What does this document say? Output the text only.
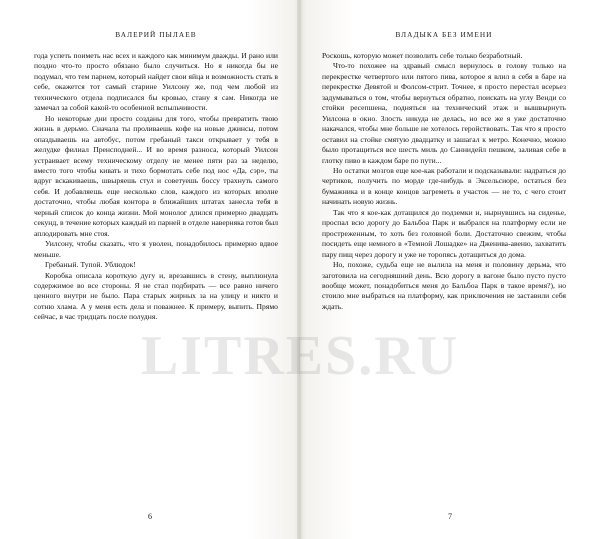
ВАЛЕРИЙ ПЫЛАЕВ

года успеть поиметь нас всех и каждого как минимум дважды. И рано или поздно что-то просто обязано было случиться. Но я никогда бы не подумал, что тем парнем, который найдет свои яйца и возможность стать в себе, окажется тот самый старине Уилсону же, под чем любой из технического отдела подписался бы кровью, стану я сам. Никогда не замечал за собой какой-то особенной вспыльчивости.

Но некоторые дни просто созданы для того, чтобы превратить твою жизнь в дерьмо. Сначала ты проливаешь кофе на новые джинсы, потом опаздываешь на автобус, потом гребаный такси открывает у тебя в желудке филиал Пренсподней... И во время разноса, который Уилсон устраивает всему техническому отделу не менее пяти раз за неделю, вместо того чтобы кивать и тихо бормотать себе под нос «Да, сэр», ты вдруг вскакиваешь, швыряешь стул и советуешь боссу трахнуть самого себя. И добавляешь еще несколько слов, каждого из которых вполне достаточно, чтобы любая контора в ближайших штатах занесла тебя в черный список до конца жизни. Мой монолог длился примерно двадцать секунд, в течение которых каждый из парней в отделе наверняка готов был аплодировать мне стоя.

Уилсону, чтобы сказать, что я уволен, понадобилось примерно вдвое меньше.

Гребаный. Тупой. Ублюдок!

Коробка описала короткую дугу и, врезавшись в стену, выплюнула содержимое во все стороны. Я не стал подбирать — все равно ничего ценного внутри не было. Пара старых жирных за на улицу и никто и сотню хлама. А у меня есть дела и поважнее. К примеру, выпить. Прямо сейчас, в час тридцать после полудня.

6
ВЛАДЫКА БЕЗ ИМЕНИ

Роскошь, которую может позволить себе только безработный.

Что-то похожее на здравый смысл вернулось в голову только на перекрестке четвертого или пятого пива, которое я влил в себя в баре на перекрестке Девятой и Фолсом-стрит. Точнее, я просто перестал всерьез задумываться о том, чтобы вернуться обратно, поискать на углу Венди со стойки ресепшена, подняться на технический этаж и вышвырнуть Уилсона в окно. Злость никуда не делась, но все же я уже достаточно накачался, чтобы мне больше не хотелось геройствовать. Так что я просто оставил на стойке смятую двадцатку и зашагал к метро. Конечно, можно было протащиться все шесть миль до Саннидейл пешком, заливая себе в глотку пиво в каждом баре по пути...

Но остатки мозгов еще кое-как работали и подсказывали: надраться до чертиков, получить по морде где-нибудь в Эксельсиоре, остаться без бумажника и в конце концов загреметь в участок — не то, с чего стоит начинать новую жизнь.

Так что я кое-как дотащился до подземки и, нырнувшись на сиденье, проспал всю дорогу до Бальбоа Парк и выбрался на платформу если не простреженным, то хоть без головной боли. Достаточно свежим, чтобы посидеть еще немного в «Темной Лошадке» на Дженива-авеню, захватить пару пищ через дорогу и уже не торопясь дотащиться до дома.

Но, похоже, судьба еще не вылила на меня и половину дерьма, что заготовила на сегодняшний день. Всю дорогу в вагоне было пусто пусто вообще может, понадобиться меня до Бальбоа Парк в такое время?), но стоило мне выбраться на платформу, как приключения не заставили себя ждать.

7
